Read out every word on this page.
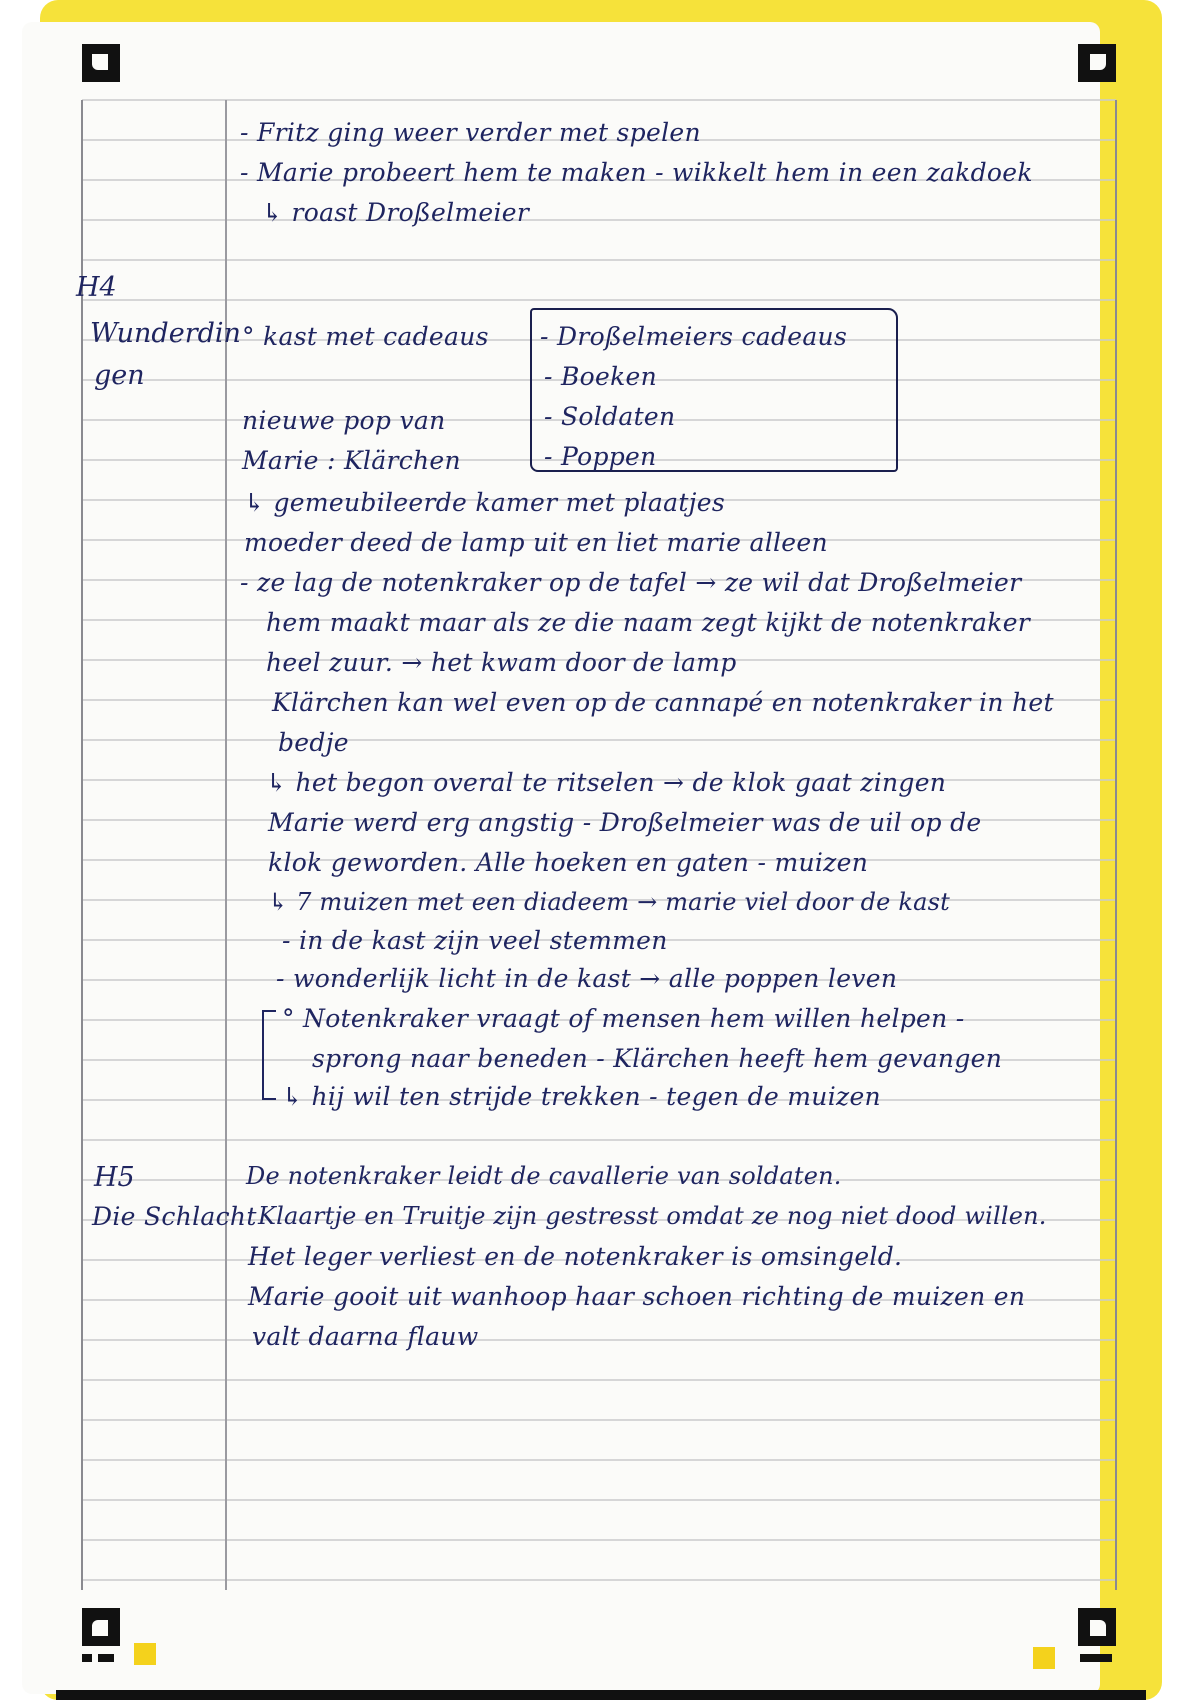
- Fritz ging weer verder met spelen
- Marie probeert hem te maken - wikkelt hem in een zakdoek
↳ roast Droßelmeier
H4
Wunderdin
gen
° kast met cadeaus
nieuwe pop van
Marie : Klärchen
- Droßelmeiers cadeaus
- Boeken
- Soldaten
- Poppen
↳ gemeubileerde kamer met plaatjes
moeder deed de lamp uit en liet marie alleen
- ze lag de notenkraker op de tafel → ze wil dat Droßelmeier
hem maakt maar als ze die naam zegt kijkt de notenkraker
heel zuur. → het kwam door de lamp
Klärchen kan wel even op de cannapé en notenkraker in het
bedje
↳ het begon overal te ritselen → de klok gaat zingen
Marie werd erg angstig - Droßelmeier was de uil op de
klok geworden. Alle hoeken en gaten - muizen
↳ 7 muizen met een diadeem → marie viel door de kast
- in de kast zijn veel stemmen
- wonderlijk licht in de kast → alle poppen leven
° Notenkraker vraagt of mensen hem willen helpen -
sprong naar beneden - Klärchen heeft hem gevangen
↳ hij wil ten strijde trekken - tegen de muizen
H5
Die Schlacht
De notenkraker leidt de cavallerie van soldaten.
Klaartje en Truitje zijn gestresst omdat ze nog niet dood willen.
Het leger verliest en de notenkraker is omsingeld.
Marie gooit uit wanhoop haar schoen richting de muizen en
valt daarna flauw
